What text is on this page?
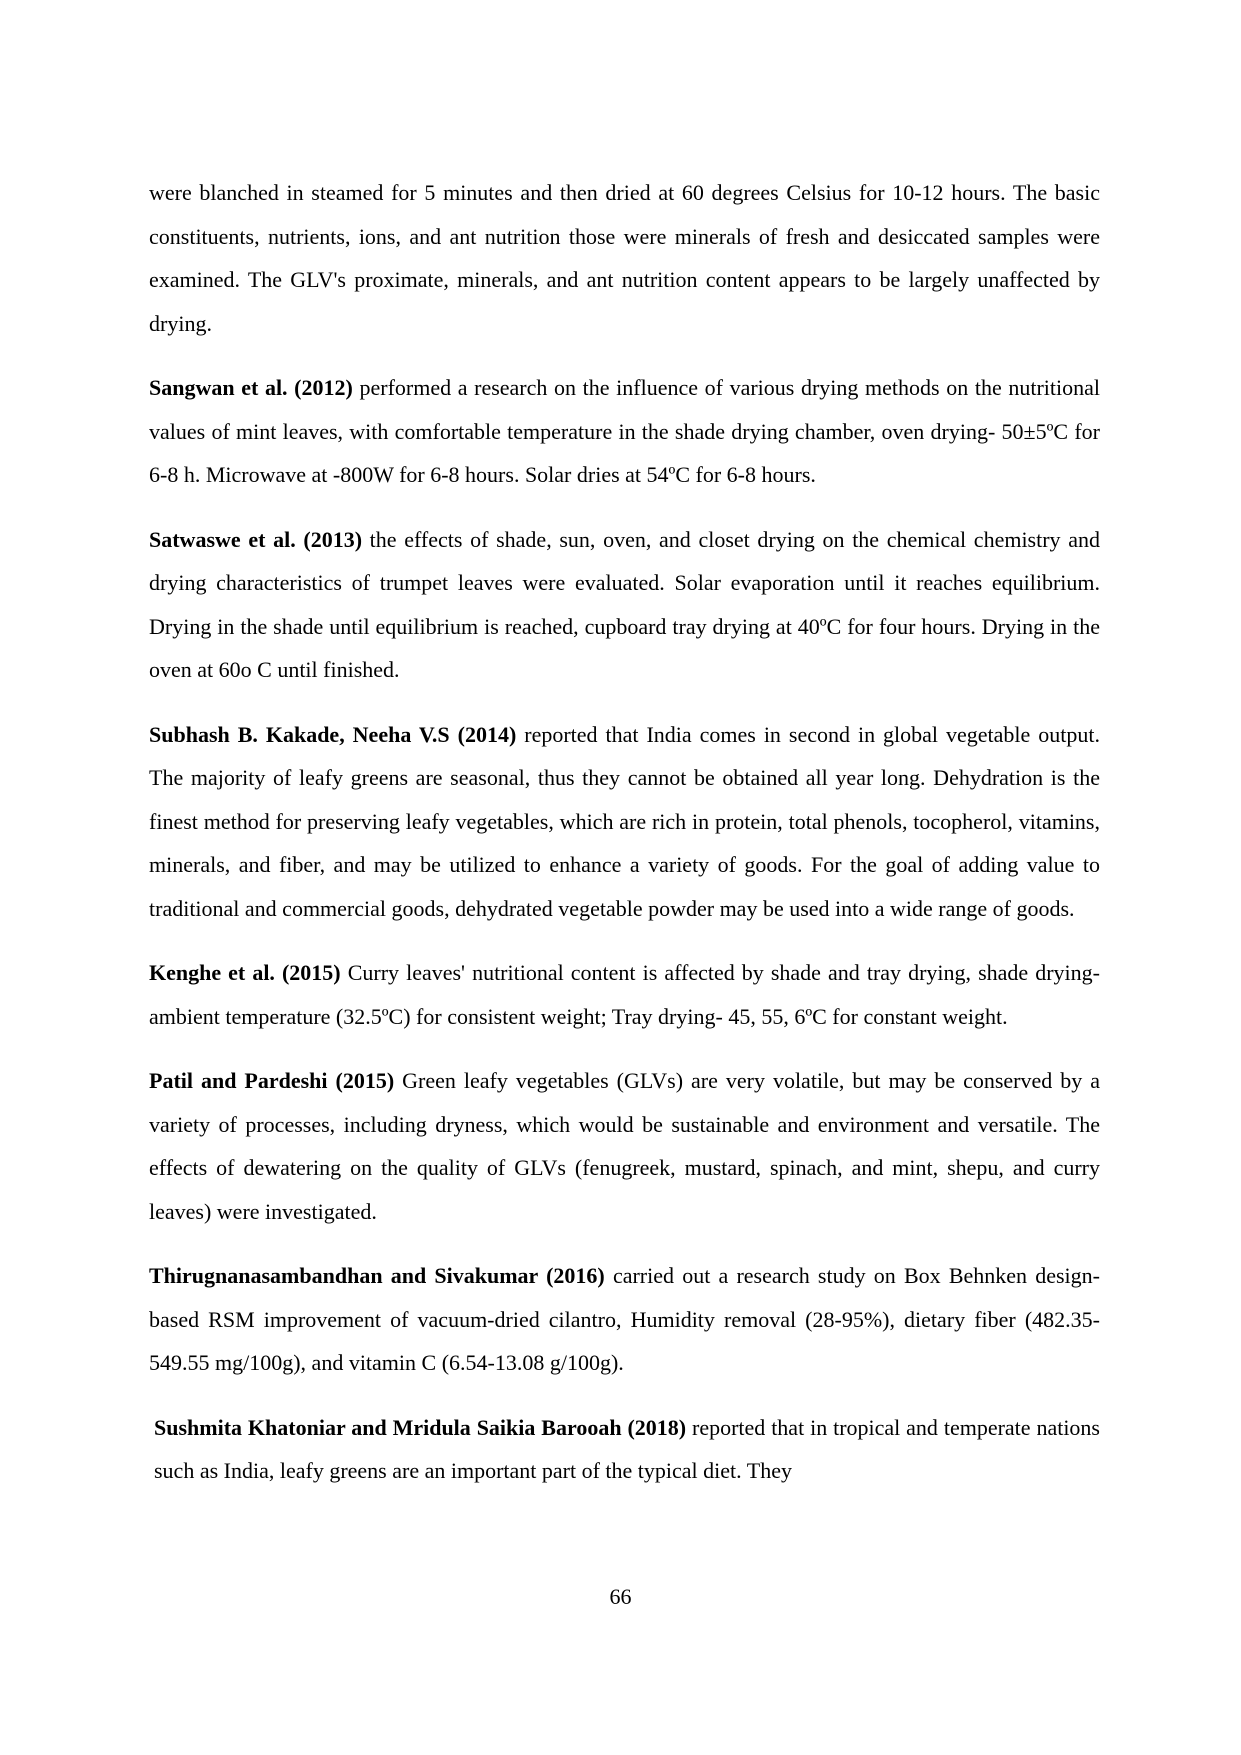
were blanched in steamed for 5 minutes and then dried at 60 degrees Celsius for 10-12 hours. The basic constituents, nutrients, ions, and ant nutrition those were minerals of fresh and desiccated samples were examined. The GLV's proximate, minerals, and ant nutrition content appears to be largely unaffected by drying.

Sangwan et al. (2012) performed a research on the influence of various drying methods on the nutritional values of mint leaves, with comfortable temperature in the shade drying chamber, oven drying- 50±5ºC for 6-8 h. Microwave at -800W for 6-8 hours. Solar dries at 54ºC for 6-8 hours.

Satwaswe et al. (2013) the effects of shade, sun, oven, and closet drying on the chemical chemistry and drying characteristics of trumpet leaves were evaluated. Solar evaporation until it reaches equilibrium. Drying in the shade until equilibrium is reached, cupboard tray drying at 40ºC for four hours. Drying in the oven at 60o C until finished.

Subhash B. Kakade, Neeha V.S (2014) reported that India comes in second in global vegetable output. The majority of leafy greens are seasonal, thus they cannot be obtained all year long. Dehydration is the finest method for preserving leafy vegetables, which are rich in protein, total phenols, tocopherol, vitamins, minerals, and fiber, and may be utilized to enhance a variety of goods. For the goal of adding value to traditional and commercial goods, dehydrated vegetable powder may be used into a wide range of goods.

Kenghe et al. (2015) Curry leaves' nutritional content is affected by shade and tray drying, shade drying- ambient temperature (32.5ºC) for consistent weight; Tray drying- 45, 55, 6ºC for constant weight.

Patil and Pardeshi (2015) Green leafy vegetables (GLVs) are very volatile, but may be conserved by a variety of processes, including dryness, which would be sustainable and environment and versatile. The effects of dewatering on the quality of GLVs (fenugreek, mustard, spinach, and mint, shepu, and curry leaves) were investigated.

Thirugnanasambandhan and Sivakumar (2016) carried out a research study on Box Behnken design-based RSM improvement of vacuum-dried cilantro, Humidity removal (28-95%), dietary fiber (482.35-549.55 mg/100g), and vitamin C (6.54-13.08 g/100g).

Sushmita Khatoniar and Mridula Saikia Barooah (2018) reported that in tropical and temperate nations such as India, leafy greens are an important part of the typical diet. They

66
